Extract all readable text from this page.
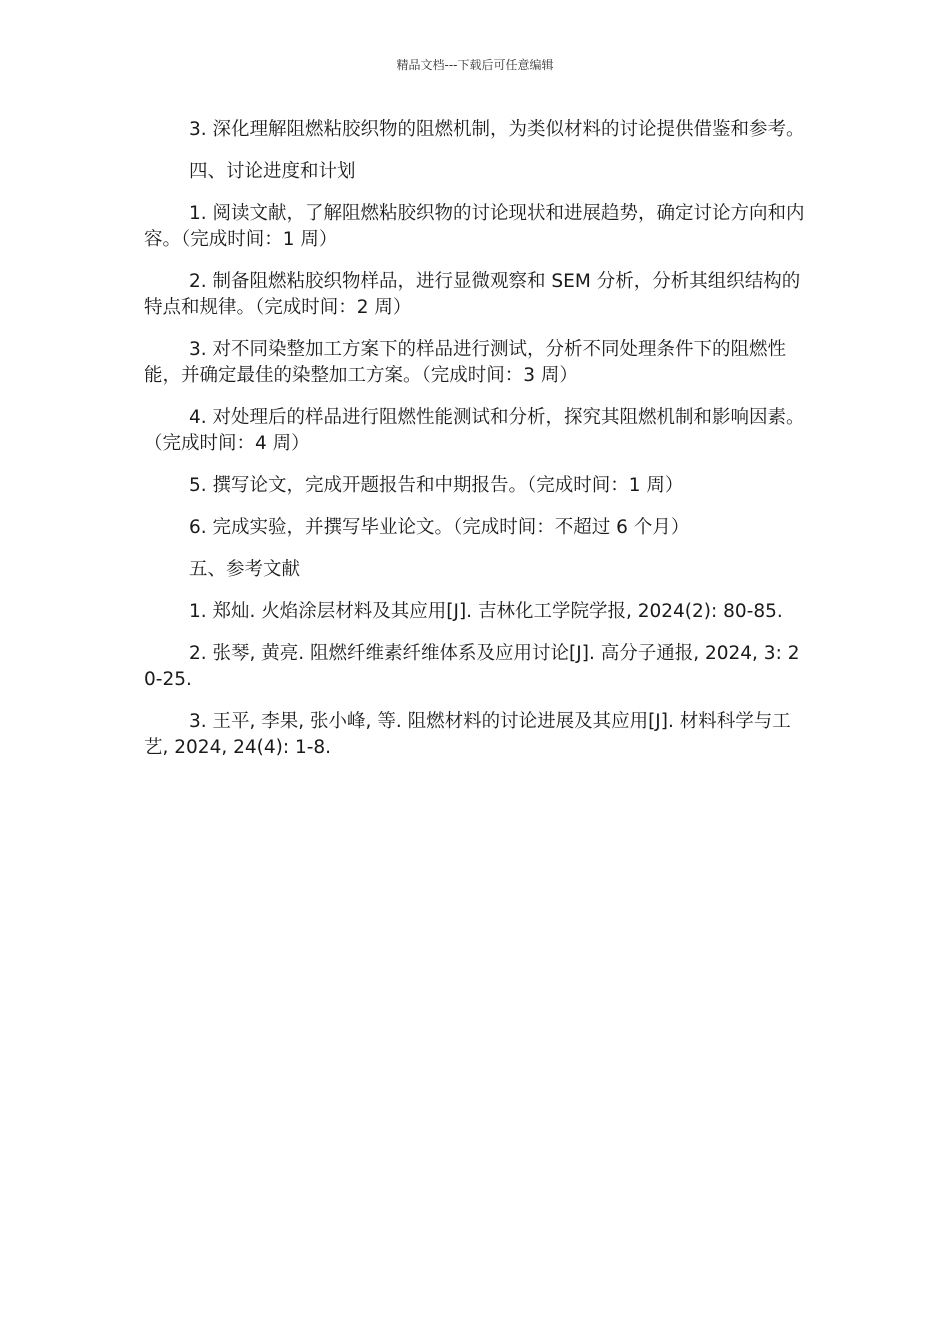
精品文档---下载后可任意编辑

3. 深化理解阻燃粘胶织物的阻燃机制，为类似材料的讨论提供借鉴和参考。

四、讨论进度和计划

1. 阅读文献，了解阻燃粘胶织物的讨论现状和进展趋势，确定讨论方向和内容。（完成时间：1 周）

2. 制备阻燃粘胶织物样品，进行显微观察和 SEM 分析，分析其组织结构的特点和规律。（完成时间：2 周）

3. 对不同染整加工方案下的样品进行测试，分析不同处理条件下的阻燃性能，并确定最佳的染整加工方案。（完成时间：3 周）

4. 对处理后的样品进行阻燃性能测试和分析，探究其阻燃机制和影响因素。（完成时间：4 周）

5. 撰写论文，完成开题报告和中期报告。（完成时间：1 周）

6. 完成实验，并撰写毕业论文。（完成时间：不超过 6 个月）

五、参考文献

1. 郑灿. 火焰涂层材料及其应用[J]. 吉林化工学院学报, 2024(2): 80-85.

2. 张琴, 黄亮. 阻燃纤维素纤维体系及应用讨论[J]. 高分子通报, 2024, 3: 20-25.

3. 王平, 李果, 张小峰, 等. 阻燃材料的讨论进展及其应用[J]. 材料科学与工艺, 2024, 24(4): 1-8.
